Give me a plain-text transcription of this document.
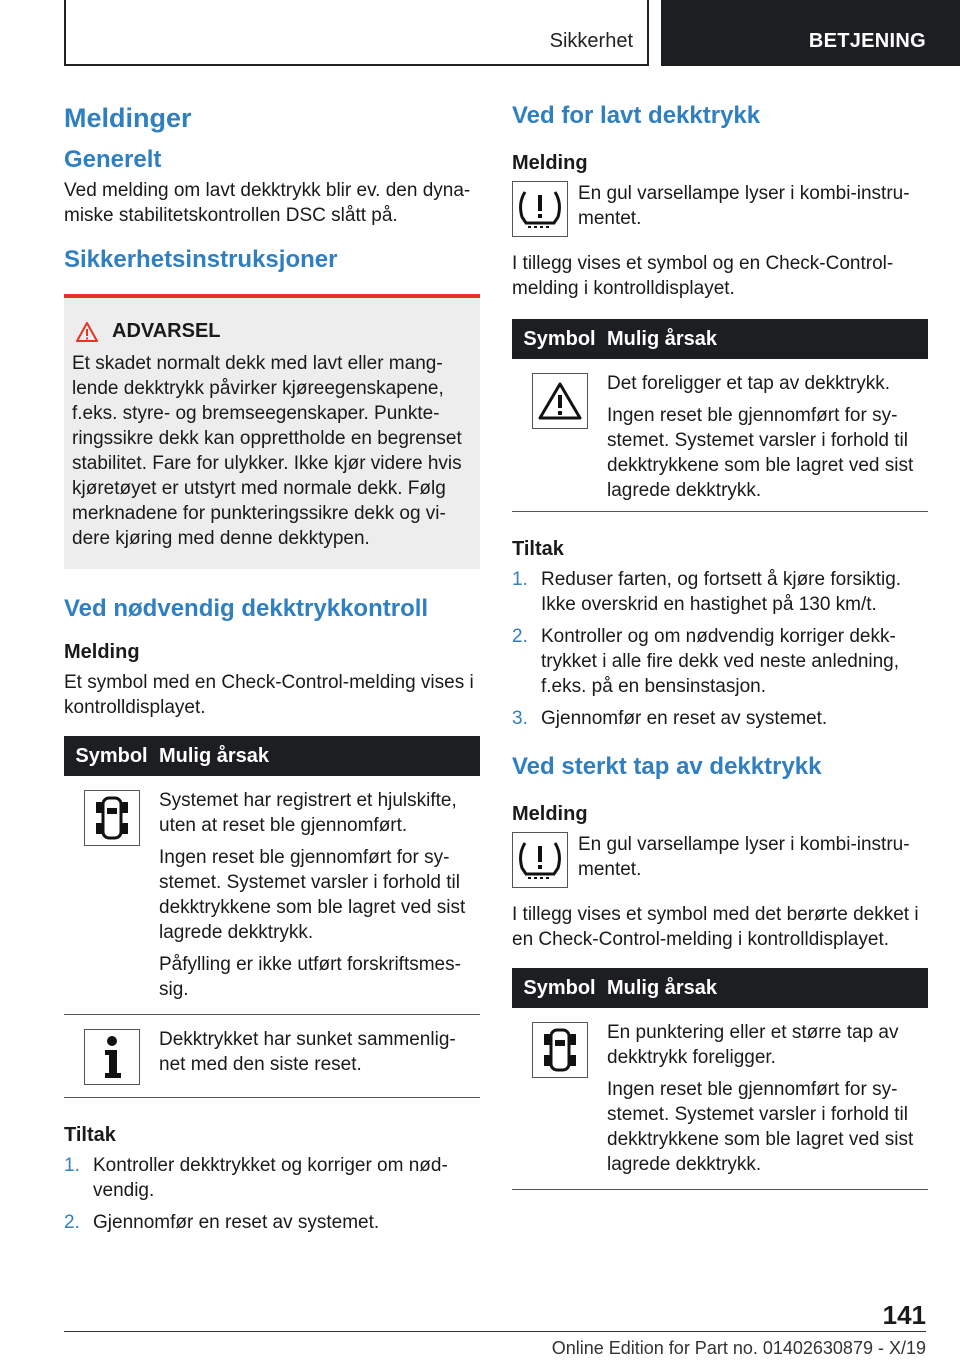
Sikkerhet	BETJENING
Meldinger
Generelt

Ved melding om lavt dekktrykk blir ev. den dyna-miske stabilitetskontrollen DSC slått på.

Sikkerhetsinstruksjoner
ADVARSEL

Et skadet normalt dekk med lavt eller mang-lende dekktrykk påvirker kjøreegenskapene, f.eks. styre- og bremseegenskaper. Punkte-ringssikre dekk kan opprettholde en begrenset stabilitet. Fare for ulykker. Ikke kjør videre hvis kjøretøyet er utstyrt med normale dekk. Følg merknadene for punkteringssikre dekk og vi-dere kjøring med denne dekktypen.

Ved nødvendig dekktrykkontroll
Melding

Et symbol med en Check-Control-melding vises i kontrolldisplayet.

Symbol Mulig årsak

Systemet har registrert et hjulskifte, uten at reset ble gjennomført.

Ingen reset ble gjennomført for sy-stemet. Systemet varsler i forhold til dekktrykkene som ble lagret ved sist lagrede dekktrykk.

Påfylling er ikke utført forskriftsmes-sig.

Dekktrykket har sunket sammenlig-net med den siste reset.

Tiltak
1. Kontroller dekktrykket og korriger om nød-vendig.
2. Gjennomfør en reset av systemet.
Ved for lavt dekktrykk
Melding

En gul varsellampe lyser i kombi-instru-mentet.

I tillegg vises et symbol og en Check-Control-melding i kontrolldisplayet.

Symbol Mulig årsak

Det foreligger et tap av dekktrykk.

Ingen reset ble gjennomført for sy-stemet. Systemet varsler i forhold til dekktrykkene som ble lagret ved sist lagrede dekktrykk.

Tiltak
1. Reduser farten, og fortsett å kjøre forsiktig. Ikke overskrid en hastighet på 130 km/t.
2. Kontroller og om nødvendig korriger dekk-trykket i alle fire dekk ved neste anledning, f.eks. på en bensinstasjon.
3. Gjennomfør en reset av systemet.
Ved sterkt tap av dekktrykk
Melding

En gul varsellampe lyser i kombi-instru-mentet.

I tillegg vises et symbol med det berørte dekket i en Check-Control-melding i kontrolldisplayet.

Symbol Mulig årsak

En punktering eller et større tap av dekktrykk foreligger.

Ingen reset ble gjennomført for sy-stemet. Systemet varsler i forhold til dekktrykkene som ble lagret ved sist lagrede dekktrykk.

141
Online Edition for Part no. 01402630879 - X/19
